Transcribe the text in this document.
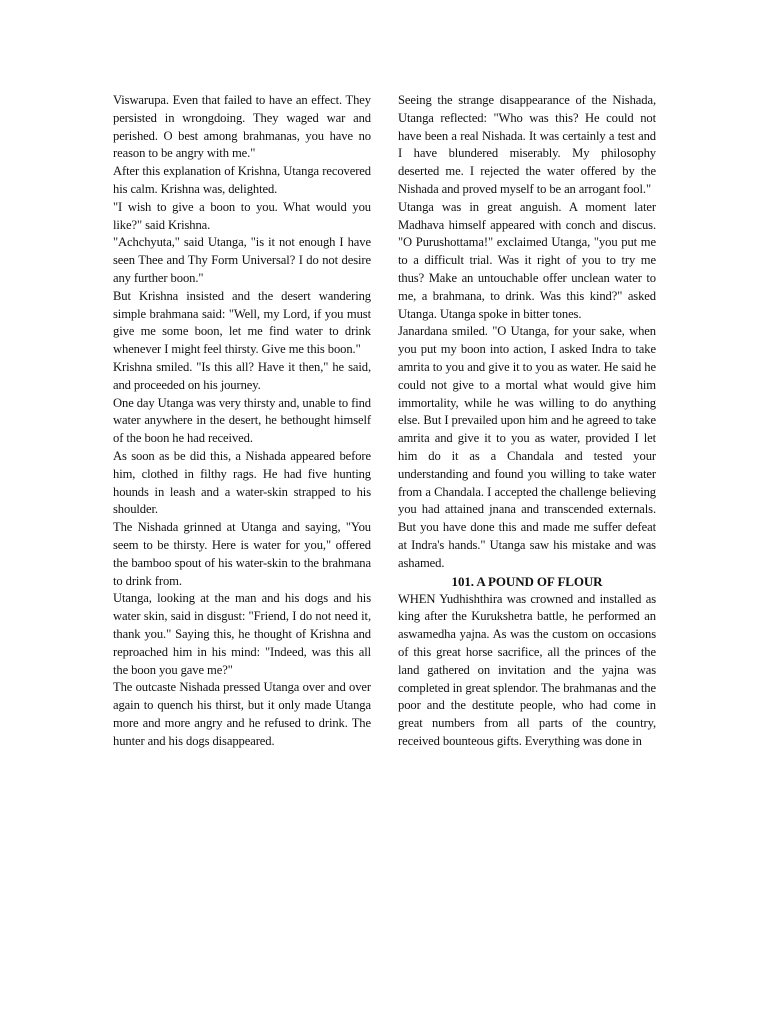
Viswarupa. Even that failed to have an effect. They persisted in wrongdoing. They waged war and perished. O best among brahmanas, you have no reason to be angry with me."

After this explanation of Krishna, Utanga recovered his calm. Krishna was, delighted.

"I wish to give a boon to you. What would you like?" said Krishna.

"Achchyuta," said Utanga, "is it not enough I have seen Thee and Thy Form Universal? I do not desire any further boon."

But Krishna insisted and the desert wandering simple brahmana said: "Well, my Lord, if you must give me some boon, let me find water to drink whenever I might feel thirsty. Give me this boon."

Krishna smiled. "Is this all? Have it then," he said, and proceeded on his journey.

One day Utanga was very thirsty and, unable to find water anywhere in the desert, he bethought himself of the boon he had received.

As soon as be did this, a Nishada appeared before him, clothed in filthy rags. He had five hunting hounds in leash and a water-skin strapped to his shoulder.

The Nishada grinned at Utanga and saying, "You seem to be thirsty. Here is water for you," offered the bamboo spout of his water-skin to the brahmana to drink from.

Utanga, looking at the man and his dogs and his water skin, said in disgust: "Friend, I do not need it, thank you." Saying this, he thought of Krishna and reproached him in his mind: "Indeed, was this all the boon you gave me?"

The outcaste Nishada pressed Utanga over and over again to quench his thirst, but it only made Utanga more and more angry and he refused to drink. The hunter and his dogs disappeared.

Seeing the strange disappearance of the Nishada, Utanga reflected: "Who was this? He could not have been a real Nishada. It was certainly a test and I have blundered miserably. My philosophy deserted me. I rejected the water offered by the Nishada and proved myself to be an arrogant fool."

Utanga was in great anguish. A moment later Madhava himself appeared with conch and discus. "O Purushottama!" exclaimed Utanga, "you put me to a difficult trial. Was it right of you to try me thus? Make an untouchable offer unclean water to me, a brahmana, to drink. Was this kind?" asked Utanga. Utanga spoke in bitter tones.

Janardana smiled. "O Utanga, for your sake, when you put my boon into action, I asked Indra to take amrita to you and give it to you as water. He said he could not give to a mortal what would give him immortality, while he was willing to do anything else. But I prevailed upon him and he agreed to take amrita and give it to you as water, provided I let him do it as a Chandala and tested your understanding and found you willing to take water from a Chandala. I accepted the challenge believing you had attained jnana and transcended externals. But you have done this and made me suffer defeat at Indra's hands." Utanga saw his mistake and was ashamed.

101. A POUND OF FLOUR

WHEN Yudhishthira was crowned and installed as king after the Kurukshetra battle, he performed an aswamedha yajna. As was the custom on occasions of this great horse sacrifice, all the princes of the land gathered on invitation and the yajna was completed in great splendor. The brahmanas and the poor and the destitute people, who had come in great numbers from all parts of the country, received bounteous gifts. Everything was done in
